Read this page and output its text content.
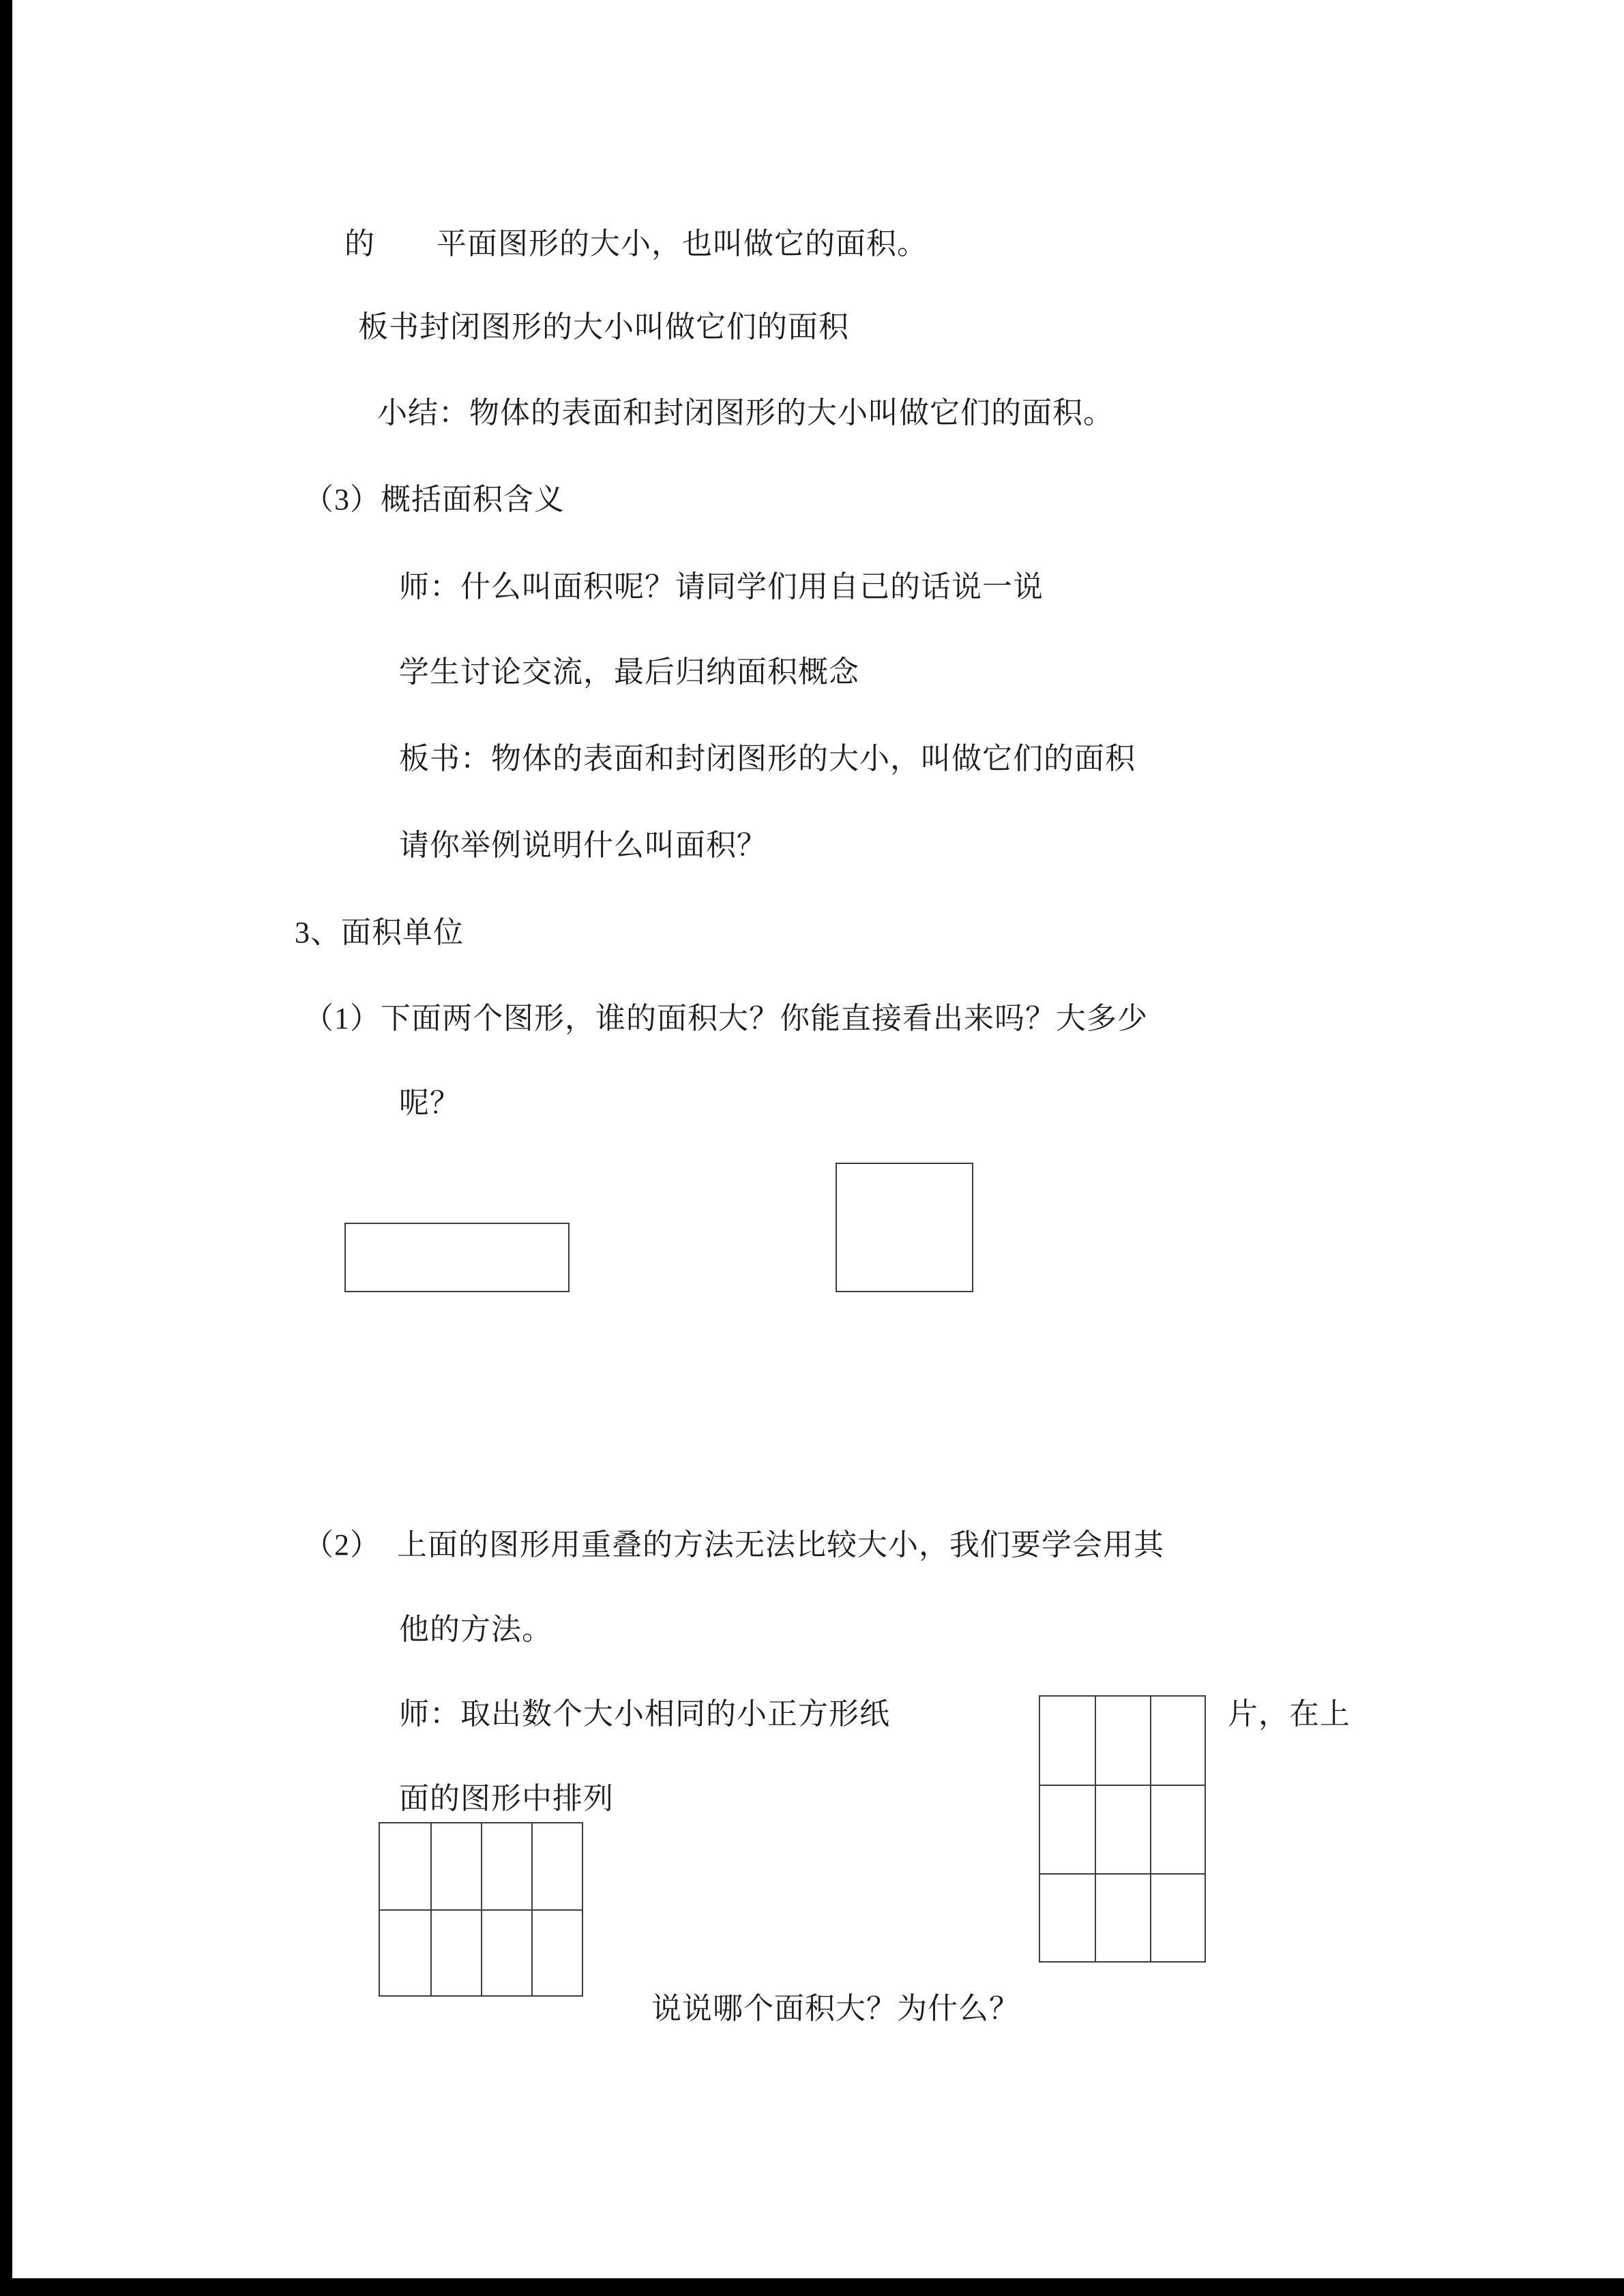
的　　平面图形的大小，也叫做它的面积。
板书封闭图形的大小叫做它们的面积
小结：物体的表面和封闭图形的大小叫做它们的面积。
（3）概括面积含义
师：什么叫面积呢？请同学们用自己的话说一说
学生讨论交流，最后归纳面积概念
板书：物体的表面和封闭图形的大小，叫做它们的面积
请你举例说明什么叫面积？
3、面积单位
（1）下面两个图形，谁的面积大？你能直接看出来吗？大多少
呢？
（2）  上面的图形用重叠的方法无法比较大小，我们要学会用其
他的方法。
师：取出数个大小相同的小正方形纸	片，在上
面的图形中排列
说说哪个面积大？为什么？
